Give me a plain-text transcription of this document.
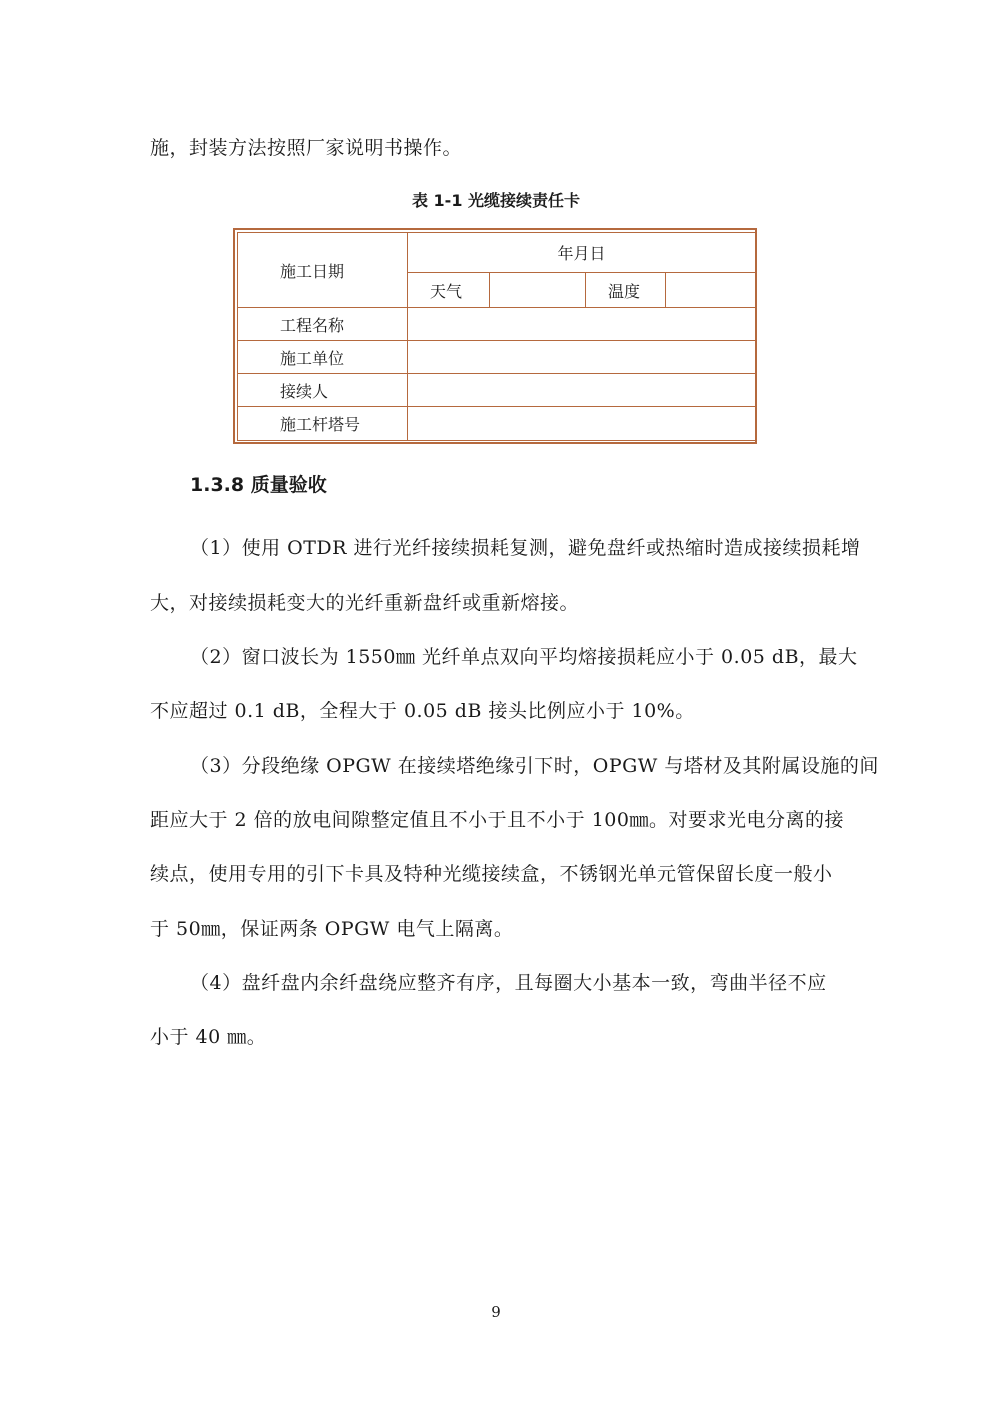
施，封装方法按照厂家说明书操作。
表 1-1 光缆接续责任卡
施工日期	年月日			
	天气		温度	
工程名称				
施工单位				
接续人				
施工杆塔号				
1.3.8 质量验收
（1）使用 OTDR 进行光纤接续损耗复测，避免盘纤或热缩时造成接续损耗增
大，对接续损耗变大的光纤重新盘纤或重新熔接。
（2）窗口波长为 1550㎜ 光纤单点双向平均熔接损耗应小于 0.05 dB，最大
不应超过 0.1 dB，全程大于 0.05 dB 接头比例应小于 10%。
（3）分段绝缘 OPGW 在接续塔绝缘引下时，OPGW 与塔材及其附属设施的间
距应大于 2 倍的放电间隙整定值且不小于且不小于 100㎜。对要求光电分离的接
续点，使用专用的引下卡具及特种光缆接续盒，不锈钢光单元管保留长度一般小
于 50㎜，保证两条 OPGW 电气上隔离。
（4）盘纤盘内余纤盘绕应整齐有序，且每圈大小基本一致，弯曲半径不应
小于 40 ㎜。
9
